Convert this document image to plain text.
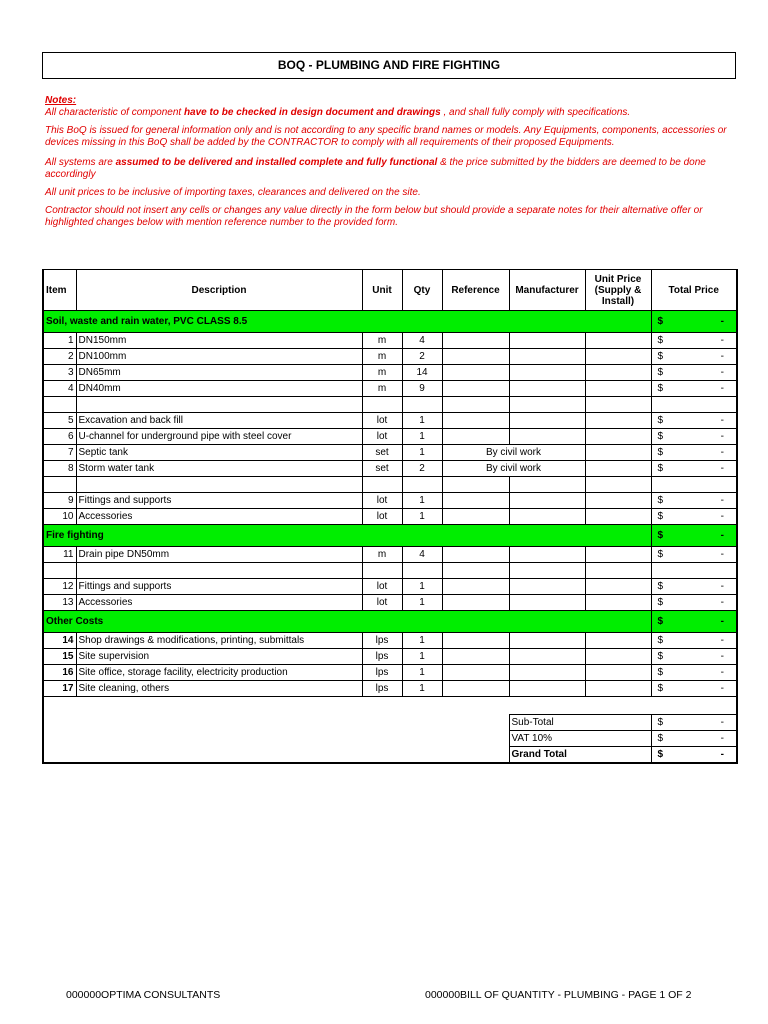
BOQ - PLUMBING AND FIRE FIGHTING

Notes:

All characteristic of component have to be checked in design document and drawings , and shall fully comply with specifications.

This BoQ is issued for general information only and is not according to any specific brand names or models. Any Equipments, components, accessories or devices missing in this BoQ shall be added by the CONTRACTOR to comply with all requirements of their proposed Equipments.

All systems are assumed to be delivered and installed complete and fully functional & the price submitted by the bidders are deemed to be done accordingly

All unit prices to be inclusive of importing taxes, clearances and delivered on the site.

Contractor should not insert any cells or changes any value directly in the form below but should provide a separate notes for their alternative offer or highlighted changes below with mention reference number to the provided form.

Item	Description	Unit	Qty	Reference	Manufacturer	Unit Price (Supply & Install)	Total Price
Soil, waste and rain water, PVC CLASS 8.5							$ -

1	DN150mm	m	4				$ -

2	DN100mm	m	2				$ -

3	DN65mm	m	14				$ -

4	DN40mm	m	9				$ -

5	Excavation and back fill	lot	1				$ -

6	U-channel for underground pipe with steel cover	lot	1				$ -

7	Septic tank	set	1	By civil work			$ -

8	Storm water tank	set	2	By civil work			$ -

9	Fittings and supports	lot	1				$ -

10	Accessories	lot	1				$ -

Fire fighting							$ -

11	Drain pipe DN50mm	m	4				$ -

12	Fittings and supports	lot	1				$ -

13	Accessories	lot	1				$ -

Other Costs							$ -

14	Shop drawings & modifications, printing, submittals	lps	1				$ -

15	Site supervision	lps	1				$ -

16	Site office, storage facility, electricity production	lps	1				$ -

17	Site cleaning, others	lps	1				$ -

					Sub-Total		$ -

					VAT 10%		$ -

					Grand Total		$ -
000000OPTIMA CONSULTANTS	000000BILL OF QUANTITY - PLUMBING - PAGE 1 OF 2
